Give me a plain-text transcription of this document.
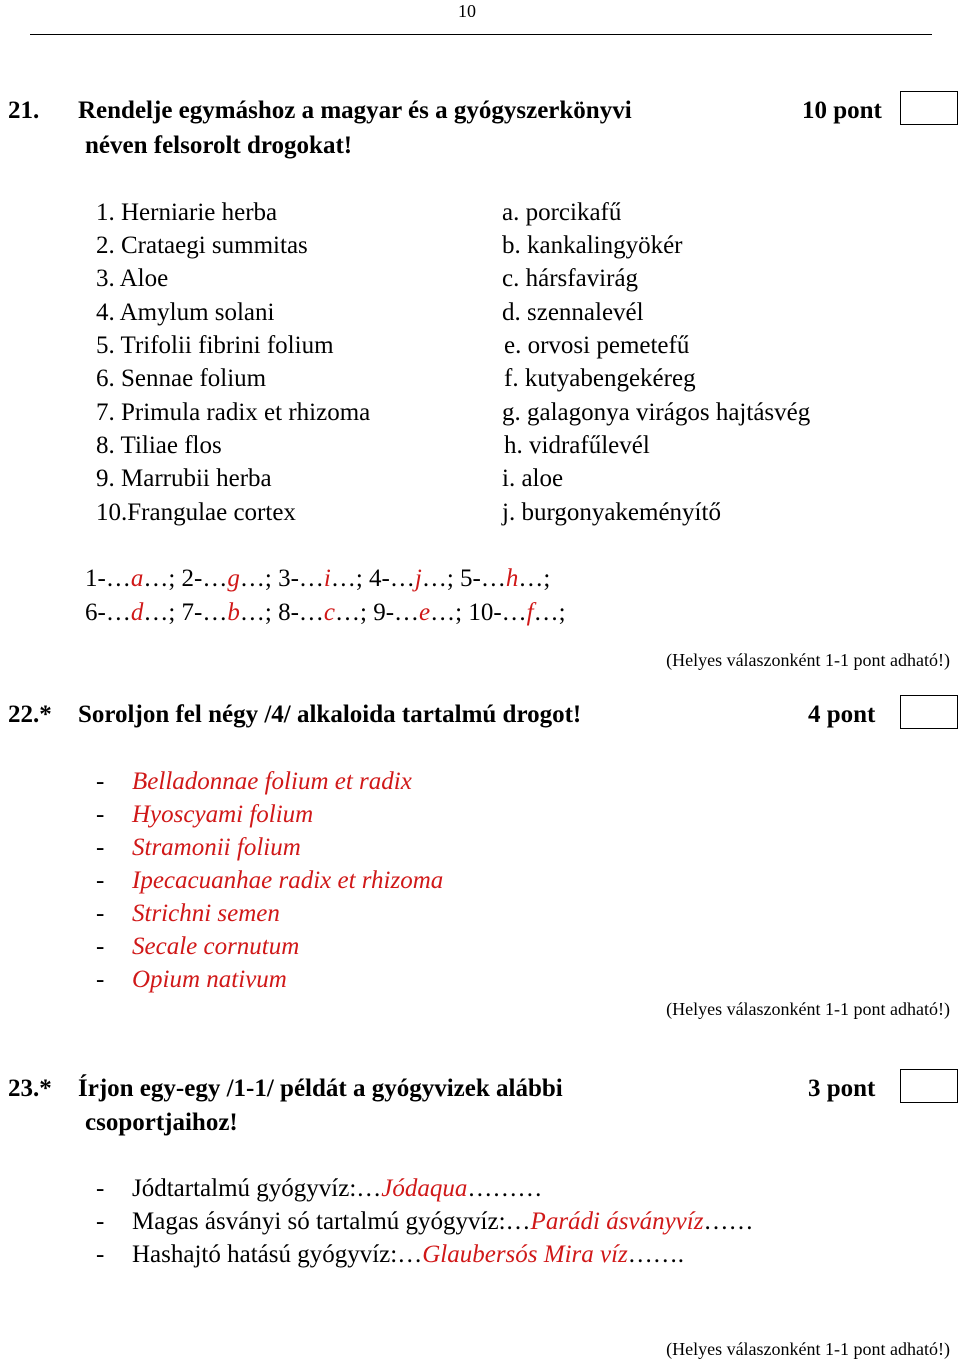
10
21. Rendelje egymáshoz a magyar és a gyógyszerkönyvi
néven felsorolt drogokat!
10 pont
1. Herniarie herba
2. Crataegi summitas
3. Aloe
4. Amylum solani
5. Trifolii fibrini folium
6. Sennae folium
7. Primula radix et rhizoma
8. Tiliae flos
9. Marrubii herba
10.Frangulae cortex
a. porcikafű
b. kankalingyökér
c. hársfavirág
d. szennalevél
e. orvosi pemetefű
f. kutyabengekéreg
g. galagonya virágos hajtásvég
h. vidrafűlevél
i. aloe
j. burgonyakeményítő
1-…a…; 2-…g…; 3-…i…; 4-…j…; 5-…h…;
6-…d…; 7-…b…; 8-…c…; 9-…e…; 10-…f…;
(Helyes válaszonként 1-1 pont adható!)
22.* Soroljon fel négy /4/ alkaloida tartalmú drogot!	4 pont
- Belladonnae folium et radix
- Hyoscyami folium
- Stramonii folium
- Ipecacuanhae radix et rhizoma
- Strichni semen
- Secale cornutum
- Opium nativum
(Helyes válaszonként 1-1 pont adható!)
23.* Írjon egy-egy /1-1/ példát a gyógyvizek alábbi
csoportjaihoz!
3 pont
- Jódtartalmú gyógyvíz:…Jódaqua………
- Magas ásványi só tartalmú gyógyvíz:…Parádi ásványvíz……
- Hashajtó hatású gyógyvíz:…Glaubersós Mira víz…….
(Helyes válaszonként 1-1 pont adható!)
